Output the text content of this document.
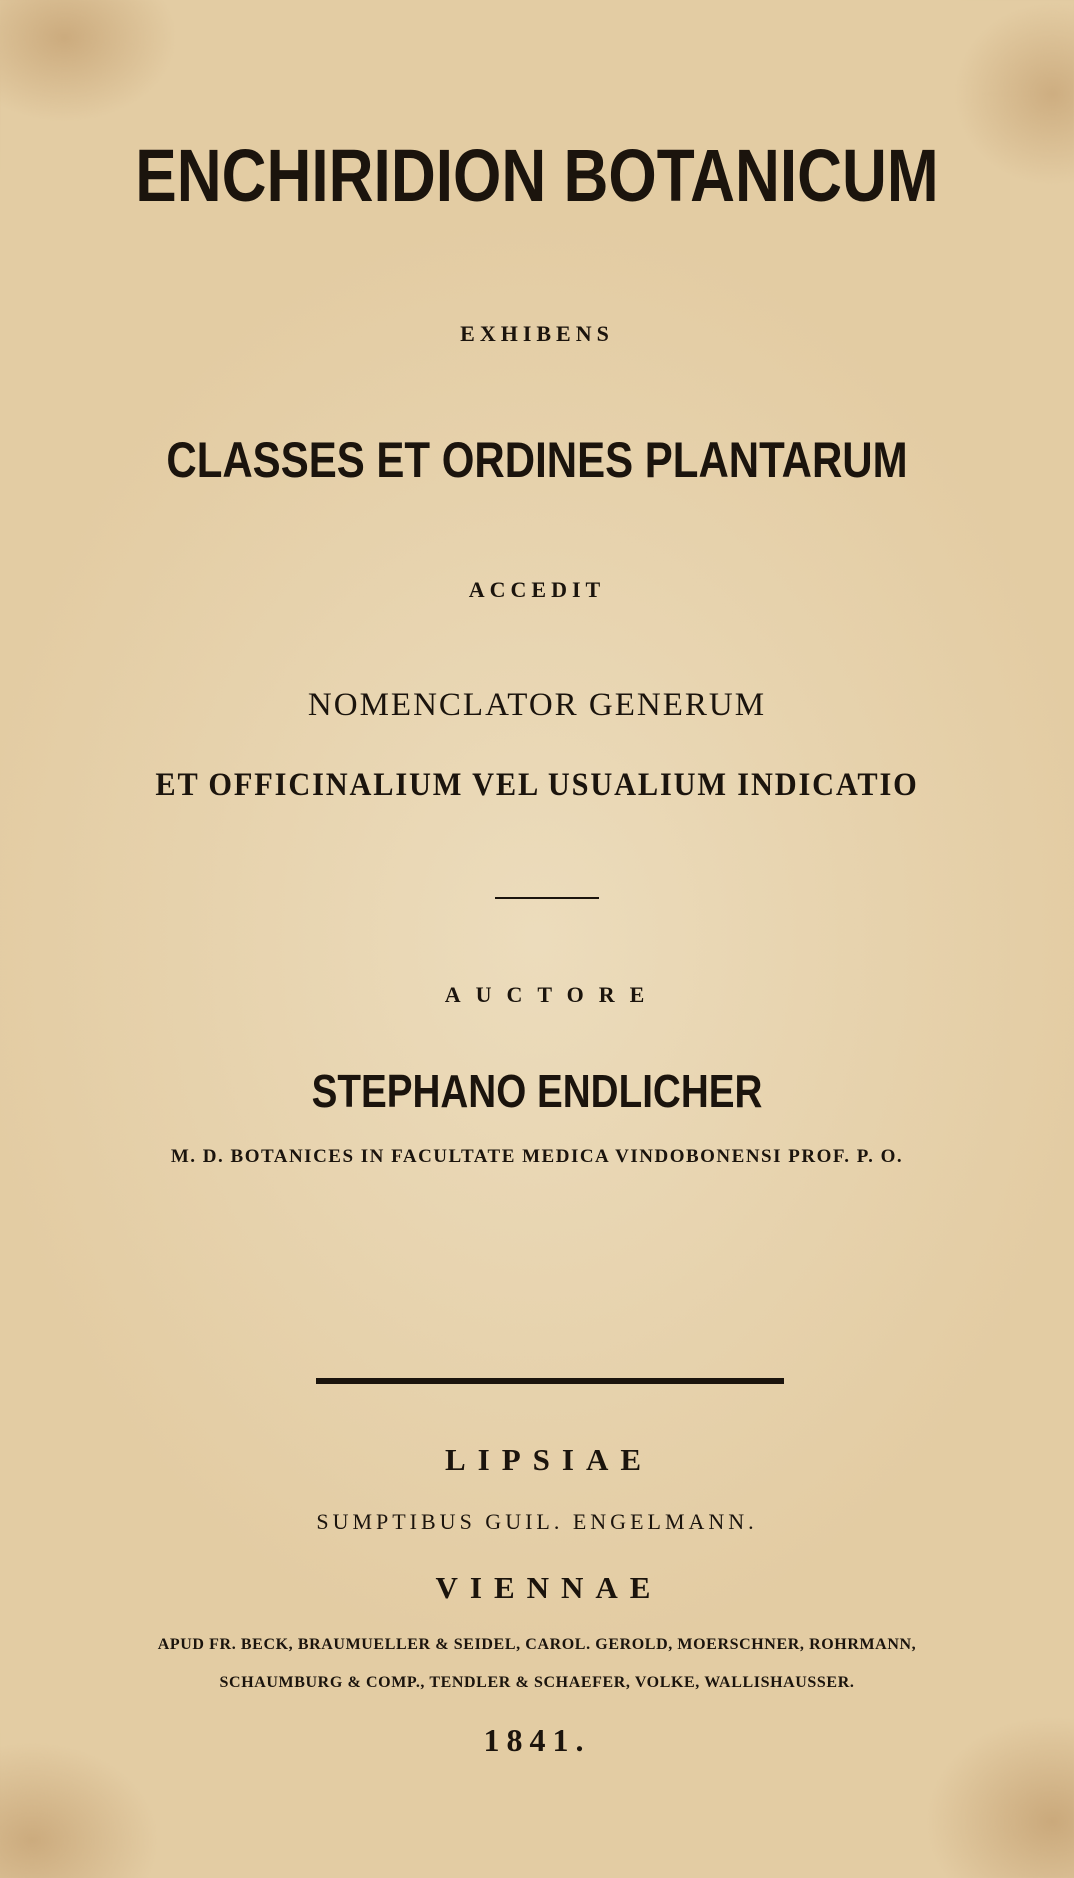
ENCHIRIDION BOTANICUM
EXHIBENS
CLASSES ET ORDINES PLANTARUM
ACCEDIT
NOMENCLATOR GENERUM
ET OFFICINALIUM VEL USUALIUM INDICATIO
AUCTORE
STEPHANO ENDLICHER
M. D. BOTANICES IN FACULTATE MEDICA VINDOBONENSI PROF. P. O.
LIPSIAE
SUMPTIBUS GUIL. ENGELMANN.
VIENNAE
APUD FR. BECK, BRAUMUELLER & SEIDEL, CAROL. GEROLD, MOERSCHNER, ROHRMANN,
SCHAUMBURG & COMP., TENDLER & SCHAEFER, VOLKE, WALLISHAUSSER.
1841.
